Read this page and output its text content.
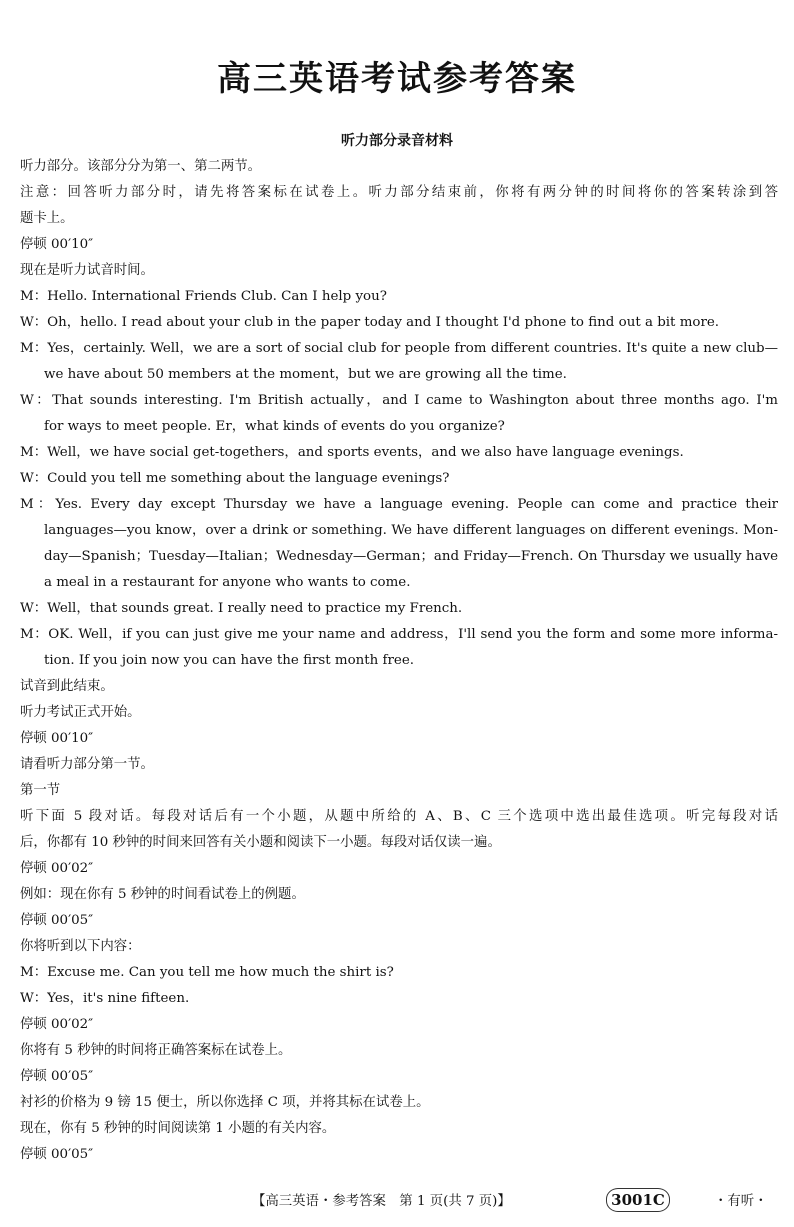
高三英语考试参考答案
听力部分录音材料
听力部分。该部分分为第一、第二两节。
注意：回答听力部分时，请先将答案标在试卷上。听力部分结束前，你将有两分钟的时间将你的答案转涂到答
题卡上。
停顿 00′10″
现在是听力试音时间。
M：Hello. International Friends Club. Can I help you?
W：Oh，hello. I read about your club in the paper today and I thought I'd phone to find out a bit more.
M：Yes，certainly. Well，we are a sort of social club for people from different countries. It's quite a new club—
we have about 50 members at the moment，but we are growing all the time.
W：That sounds interesting. I'm British actually，and I came to Washington about three months ago. I'm
for ways to meet people. Er，what kinds of events do you organize?
M：Well，we have social get-togethers，and sports events，and we also have language evenings.
W：Could you tell me something about the language evenings?
M：Yes. Every day except Thursday we have a language evening. People can come and practice their
languages—you know，over a drink or something. We have different languages on different evenings. Mon-
day—Spanish；Tuesday—Italian；Wednesday—German；and Friday—French. On Thursday we usually have
a meal in a restaurant for anyone who wants to come.
W：Well，that sounds great. I really need to practice my French.
M：OK. Well，if you can just give me your name and address，I'll send you the form and some more informa-
tion. If you join now you can have the first month free.
试音到此结束。
听力考试正式开始。
停顿 00′10″
请看听力部分第一节。
第一节
听下面 5 段对话。每段对话后有一个小题，从题中所给的 A、B、C 三个选项中选出最佳选项。听完每段对话
后，你都有 10 秒钟的时间来回答有关小题和阅读下一小题。每段对话仅读一遍。
停顿 00′02″
例如：现在你有 5 秒钟的时间看试卷上的例题。
停顿 00′05″
你将听到以下内容：
M：Excuse me. Can you tell me how much the shirt is?
W：Yes，it's nine fifteen.
停顿 00′02″
你将有 5 秒钟的时间将正确答案标在试卷上。
停顿 00′05″
衬衫的价格为 9 镑 15 便士，所以你选择 C 项，并将其标在试卷上。
现在，你有 5 秒钟的时间阅读第 1 小题的有关内容。
停顿 00′05″
【高三英语・参考答案　第 1 页(共 7 页)】	3001C	・有听・
